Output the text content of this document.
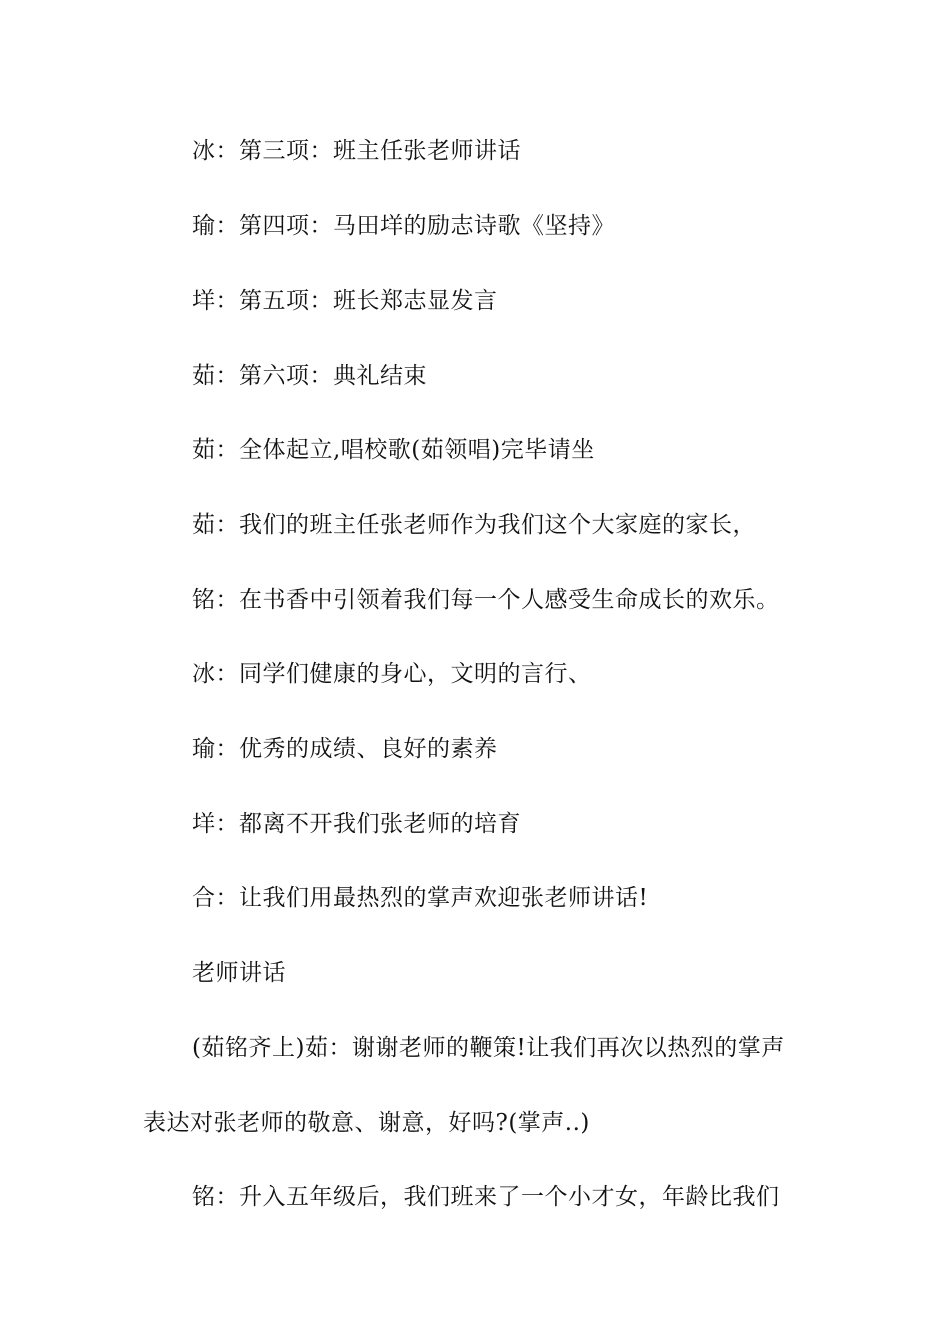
冰：第三项：班主任张老师讲话

瑜：第四项：马田垟的励志诗歌《坚持》

垟：第五项：班长郑志显发言

茹：第六项：典礼结束

茹：全体起立,唱校歌(茹领唱)完毕请坐

茹：我们的班主任张老师作为我们这个大家庭的家长，

铭：在书香中引领着我们每一个人感受生命成长的欢乐。

冰：同学们健康的身心，文明的言行、

瑜：优秀的成绩、良好的素养

垟：都离不开我们张老师的培育

合：让我们用最热烈的掌声欢迎张老师讲话!

老师讲话

(茹铭齐上)茹：谢谢老师的鞭策!让我们再次以热烈的掌声

表达对张老师的敬意、谢意，好吗?(掌声..)

铭：升入五年级后，我们班来了一个小才女，年龄比我们
